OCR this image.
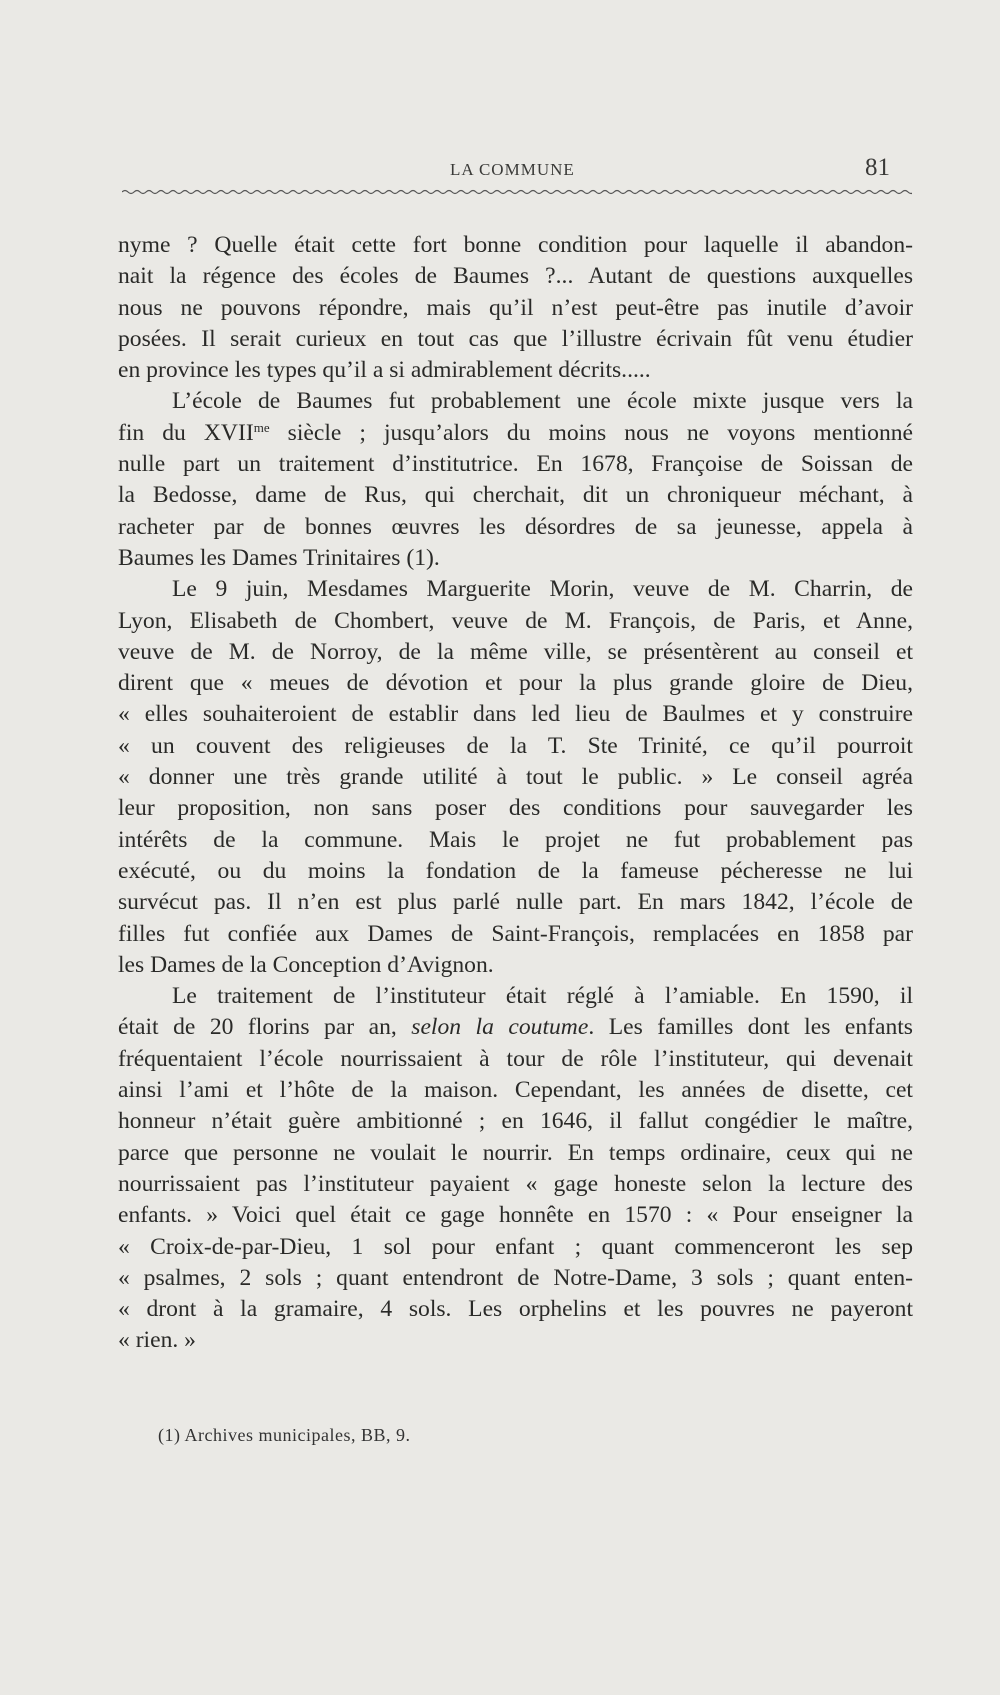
LA COMMUNE	81

nyme ? Quelle était cette fort bonne condition pour laquelle il abandon-

nait la régence des écoles de Baumes ?... Autant de questions auxquelles

nous ne pouvons répondre, mais qu’il n’est peut-être pas inutile d’avoir

posées. Il serait curieux en tout cas que l’illustre écrivain fût venu étudier

en province les types qu’il a si admirablement décrits.....

L’école de Baumes fut probablement une école mixte jusque vers la

fin du $XVII^{me}$ siècle ; jusqu’alors du moins nous ne voyons mentionné

nulle part un traitement d’institutrice. En 1678, Françoise de Soissan de

la Bedosse, dame de Rus, qui cherchait, dit un chroniqueur méchant, à

racheter par de bonnes œuvres les désordres de sa jeunesse, appela à

Baumes les Dames Trinitaires (1).

Le 9 juin, Mesdames Marguerite Morin, veuve de M. Charrin, de

Lyon, Elisabeth de Chombert, veuve de M. François, de Paris, et Anne,

veuve de M. de Norroy, de la même ville, se présentèrent au conseil et

dirent que « meues de dévotion et pour la plus grande gloire de Dieu,

« elles souhaiteroient de establir dans led lieu de Baulmes et y construire

« un couvent des religieuses de la T. Ste Trinité, ce qu’il pourroit

« donner une très grande utilité à tout le public. » Le conseil agréa

leur proposition, non sans poser des conditions pour sauvegarder les

intérêts de la commune. Mais le projet ne fut probablement pas

exécuté, ou du moins la fondation de la fameuse pécheresse ne lui

survécut pas. Il n’en est plus parlé nulle part. En mars 1842, l’école de

filles fut confiée aux Dames de Saint-François, remplacées en 1858 par

les Dames de la Conception d’Avignon.

Le traitement de l’instituteur était réglé à l’amiable. En 1590, il

était de 20 florins par an, selon la coutume. Les familles dont les enfants

fréquentaient l’école nourrissaient à tour de rôle l’instituteur, qui devenait

ainsi l’ami et l’hôte de la maison. Cependant, les années de disette, cet

honneur n’était guère ambitionné ; en 1646, il fallut congédier le maître,

parce que personne ne voulait le nourrir. En temps ordinaire, ceux qui ne

nourrissaient pas l’instituteur payaient « gage honeste selon la lecture des

enfants. » Voici quel était ce gage honnête en 1570 : « Pour enseigner la

« Croix-de-par-Dieu, 1 sol pour enfant ; quant commenceront les sep

« psalmes, 2 sols ; quant entendront de Notre-Dame, 3 sols ; quant enten-

« dront à la gramaire, 4 sols. Les orphelins et les pouvres ne payeront

« rien. »

(1) Archives municipales, BB, 9.
